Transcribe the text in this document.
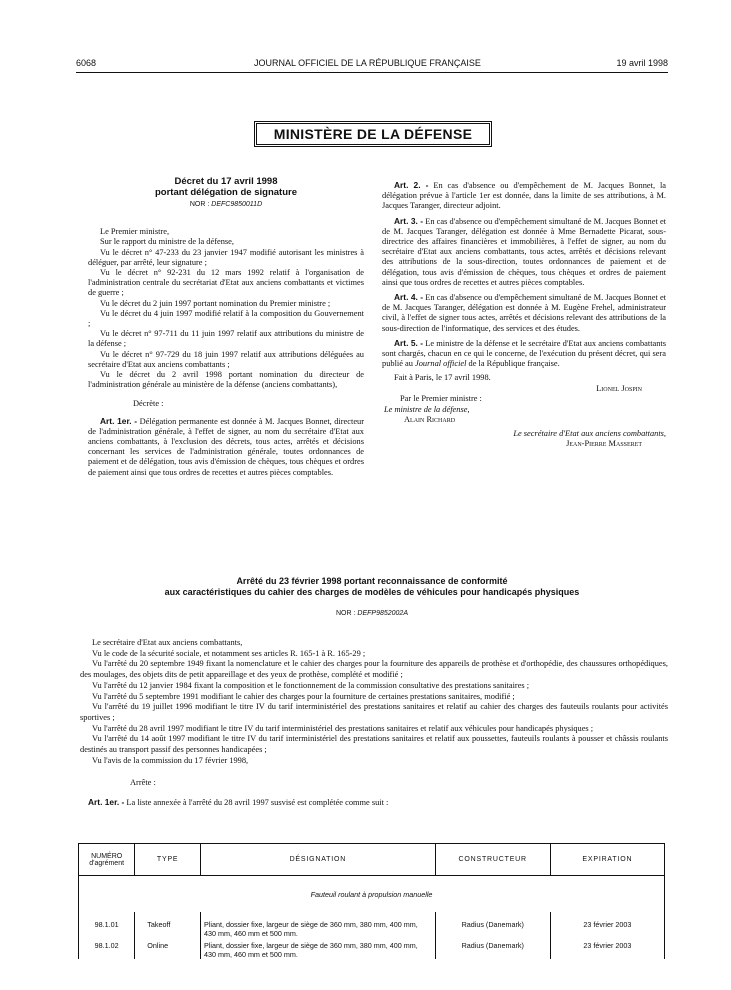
6068	JOURNAL OFFICIEL DE LA RÉPUBLIQUE FRANÇAISE	19 avril 1998
MINISTÈRE DE LA DÉFENSE
Décret du 17 avril 1998
portant délégation de signature
NOR : DEFC9850011D

Le Premier ministre,

Sur le rapport du ministre de la défense,

Vu le décret n° 47-233 du 23 janvier 1947 modifié autorisant les ministres à déléguer, par arrêté, leur signature ;

Vu le décret n° 92-231 du 12 mars 1992 relatif à l'organisation de l'administration centrale du secrétariat d'Etat aux anciens combattants et victimes de guerre ;

Vu le décret du 2 juin 1997 portant nomination du Premier ministre ;

Vu le décret du 4 juin 1997 modifié relatif à la composition du Gouvernement ;

Vu le décret n° 97-711 du 11 juin 1997 relatif aux attributions du ministre de la défense ;

Vu le décret n° 97-729 du 18 juin 1997 relatif aux attributions déléguées au secrétaire d'Etat aux anciens combattants ;

Vu le décret du 2 avril 1998 portant nomination du directeur de l'administration générale au ministère de la défense (anciens combattants),

Décrète :

Art. 1er. - Délégation permanente est donnée à M. Jacques Bonnet, directeur de l'administration générale, à l'effet de signer, au nom du secrétaire d'Etat aux anciens combattants, à l'exclusion des décrets, tous actes, arrêtés et décisions concernant les services de l'administration générale, toutes ordonnances de paiement et de délégation, tous avis d'émission de chèques, tous chèques et ordres de paiement ainsi que tous ordres de recettes et autres pièces comptables.

Art. 2. - En cas d'absence ou d'empêchement de M. Jacques Bonnet, la délégation prévue à l'article 1er est donnée, dans la limite de ses attributions, à M. Jacques Taranger, directeur adjoint.

Art. 3. - En cas d'absence ou d'empêchement simultané de M. Jacques Bonnet et de M. Jacques Taranger, délégation est donnée à Mme Bernadette Picarat, sous-directrice des affaires financières et immobilières, à l'effet de signer, au nom du secrétaire d'Etat aux anciens combattants, tous actes, arrêtés et décisions relevant des attributions de la sous-direction, toutes ordonnances de paiement et de délégation, tous avis d'émission de chèques, tous chèques et ordres de paiement ainsi que tous ordres de recettes et autres pièces comptables.

Art. 4. - En cas d'absence ou d'empêchement simultané de M. Jacques Bonnet et de M. Jacques Taranger, délégation est donnée à M. Eugène Frehel, administrateur civil, à l'effet de signer tous actes, arrêtés et décisions relevant des attributions de la sous-direction de l'informatique, des services et des études.

Art. 5. - Le ministre de la défense et le secrétaire d'Etat aux anciens combattants sont chargés, chacun en ce qui le concerne, de l'exécution du présent décret, qui sera publié au Journal officiel de la République française.

Fait à Paris, le 17 avril 1998.

Lionel Jospin

Par le Premier ministre :

Le ministre de la défense,

Alain Richard

Le secrétaire d'Etat aux anciens combattants,

Jean-Pierre Masseret

Arrêté du 23 février 1998 portant reconnaissance de conformité
aux caractéristiques du cahier des charges de modèles de véhicules pour handicapés physiques
NOR : DEFP9852002A

Le secrétaire d'Etat aux anciens combattants,

Vu le code de la sécurité sociale, et notamment ses articles R. 165-1 à R. 165-29 ;

Vu l'arrêté du 20 septembre 1949 fixant la nomenclature et le cahier des charges pour la fourniture des appareils de prothèse et d'orthopédie, des chaussures orthopédiques, des moulages, des objets dits de petit appareillage et des yeux de prothèse, complété et modifié ;

Vu l'arrêté du 12 janvier 1984 fixant la composition et le fonctionnement de la commission consultative des prestations sanitaires ;

Vu l'arrêté du 5 septembre 1991 modifiant le cahier des charges pour la fourniture de certaines prestations sanitaires, modifié ;

Vu l'arrêté du 19 juillet 1996 modifiant le titre IV du tarif interministériel des prestations sanitaires et relatif au cahier des charges des fauteuils roulants pour activités sportives ;

Vu l'arrêté du 28 avril 1997 modifiant le titre IV du tarif interministériel des prestations sanitaires et relatif aux véhicules pour handicapés physiques ;

Vu l'arrêté du 14 août 1997 modifiant le titre IV du tarif interministériel des prestations sanitaires et relatif aux poussettes, fauteuils roulants à pousser et châssis roulants destinés au transport passif des personnes handicapées ;

Vu l'avis de la commission du 17 février 1998,

Arrête :

Art. 1er. - La liste annexée à l'arrêté du 28 avril 1997 susvisé est complétée comme suit :

NUMÉRO d'agrément	TYPE	DÉSIGNATION	CONSTRUCTEUR	EXPIRATION
Fauteuil roulant à propulsion manuelle				
98.1.01	Takeoff	Pliant, dossier fixe, largeur de siège de 360 mm, 380 mm, 400 mm, 430 mm, 460 mm et 500 mm.	Radius (Danemark)	23 février 2003
98.1.02	Online	Pliant, dossier fixe, largeur de siège de 360 mm, 380 mm, 400 mm, 430 mm, 460 mm et 500 mm.	Radius (Danemark)	23 février 2003
